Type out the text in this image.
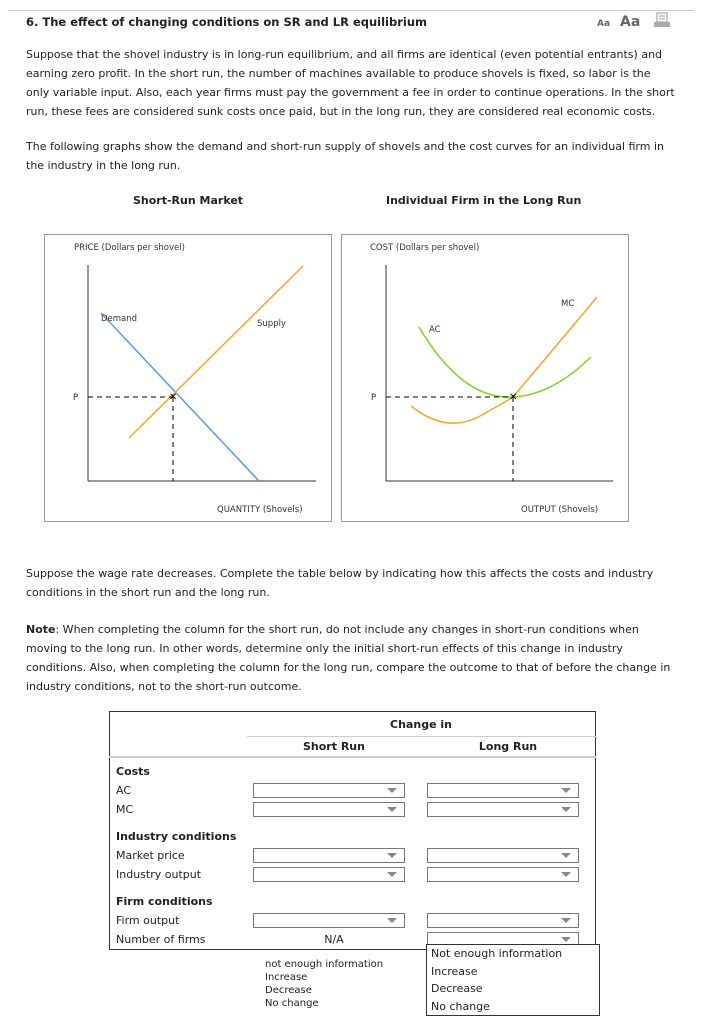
6. The effect of changing conditions on SR and LR equilibrium	Aa Aa
Suppose that the shovel industry is in long-run equilibrium, and all firms are identical (even potential entrants) and earning zero profit. In the short run, the number of machines available to produce shovels is fixed, so labor is the only variable input. Also, each year firms must pay the government a fee in order to continue operations. In the short run, these fees are considered sunk costs once paid, but in the long run, they are considered real economic costs.
The following graphs show the demand and short-run supply of shovels and the cost curves for an individual firm in the industry in the long run.
Short-Run Market	Individual Firm in the Long Run
PRICE (Dollars per shovel)
✕
P
Demand	Supply
QUANTITY (Shovels)
COST (Dollars per shovel)
✕
P
MC
AC
OUTPUT (Shovels)
Suppose the wage rate decreases. Complete the table below by indicating how this affects the costs and industry conditions in the short run and the long run.
Note: When completing the column for the short run, do not include any changes in short-run conditions when moving to the long run. In other words, determine only the initial short-run effects of this change in industry conditions. Also, when completing the column for the long run, compare the outcome to that of before the change in industry conditions, not to the short-run outcome.
	Change in	
	Short Run	Long Run
Costs		
AC	

MC	

Industry conditions		
Market price	

Industry output	

Firm conditions		
Firm output	

Number of firms	N/A	
not enough information
Increase
Decrease
No change
Not enough information
Increase
Decrease
No change
